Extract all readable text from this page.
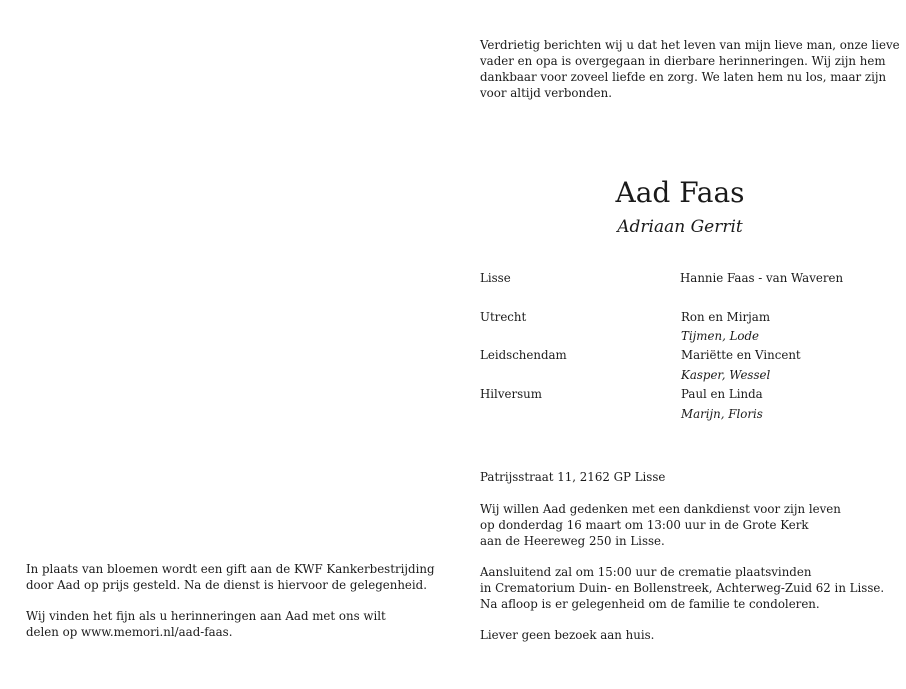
Verdrietig berichten wij u dat het leven van mijn lieve man, onze lieve
vader en opa is overgegaan in dierbare herinneringen. Wij zijn hem
dankbaar voor zoveel liefde en zorg. We laten hem nu los, maar zijn
voor altijd verbonden.
Aad Faas
Adriaan Gerrit
Lisse	Hannie Faas - van Waveren
Utrecht	Ron en Mirjam
Tijmen, Lode
Leidschendam	Mariëtte en Vincent
Kasper, Wessel
Hilversum	Paul en Linda
Marijn, Floris
Patrijsstraat 11, 2162 GP Lisse
Wij willen Aad gedenken met een dankdienst voor zijn leven
op donderdag 16 maart om 13:00 uur in de Grote Kerk
aan de Heereweg 250 in Lisse.
Aansluitend zal om 15:00 uur de crematie plaatsvinden
in Crematorium Duin- en Bollenstreek, Achterweg-Zuid 62 in Lisse.
Na afloop is er gelegenheid om de familie te condoleren.
Liever geen bezoek aan huis.
In plaats van bloemen wordt een gift aan de KWF Kankerbestrijding
door Aad op prijs gesteld. Na de dienst is hiervoor de gelegenheid.
Wij vinden het fijn als u herinneringen aan Aad met ons wilt
delen op www.memori.nl/aad-faas.
